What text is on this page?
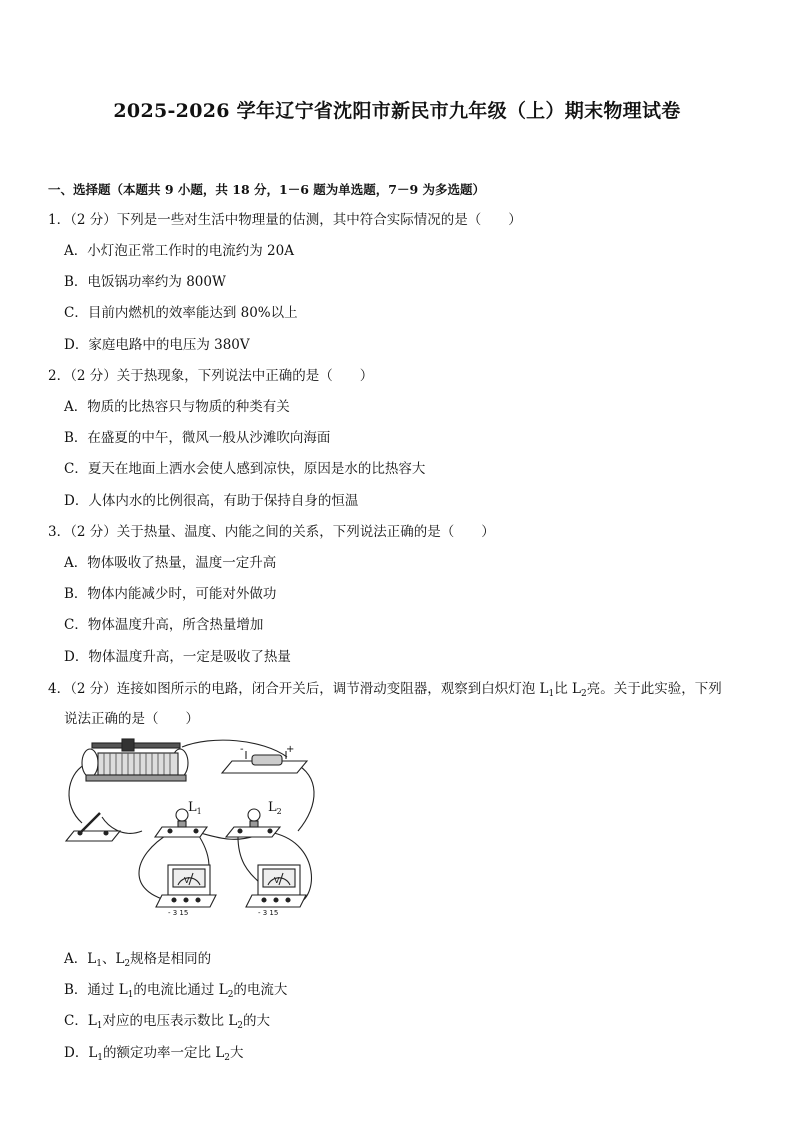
2025-2026 学年辽宁省沈阳市新民市九年级（上）期末物理试卷
一、选择题（本题共 9 小题，共 18 分，1－6 题为单选题，7－9 为多选题）
1．（2 分）下列是一些对生活中物理量的估测，其中符合实际情况的是（　　）
A．小灯泡正常工作时的电流约为 20A
B．电饭锅功率约为 800W
C．目前内燃机的效率能达到 80%以上
D．家庭电路中的电压为 380V
2．（2 分）关于热现象，下列说法中正确的是（　　）
A．物质的比热容只与物质的种类有关
B．在盛夏的中午，微风一般从沙滩吹向海面
C．夏天在地面上洒水会使人感到凉快，原因是水的比热容大
D．人体内水的比例很高，有助于保持自身的恒温
3．（2 分）关于热量、温度、内能之间的关系，下列说法正确的是（　　）
A．物体吸收了热量，温度一定升高
B．物体内能减少时，可能对外做功
C．物体温度升高，所含热量增加
D．物体温度升高，一定是吸收了热量
4．（2 分）连接如图所示的电路，闭合开关后，调节滑动变阻器，观察到白炽灯泡 $L_1$比 $L_2$亮。关于此实验，下列
说法正确的是（　　）
-	+
$L_1$	$L_2$
V
- 3 15
V
- 3 15
A．$L_1$、$L_2$规格是相同的
B．通过 $L_1$的电流比通过 $L_2$的电流大
C．$L_1$对应的电压表示数比 $L_2$的大
D．$L_1$的额定功率一定比 $L_2$大
